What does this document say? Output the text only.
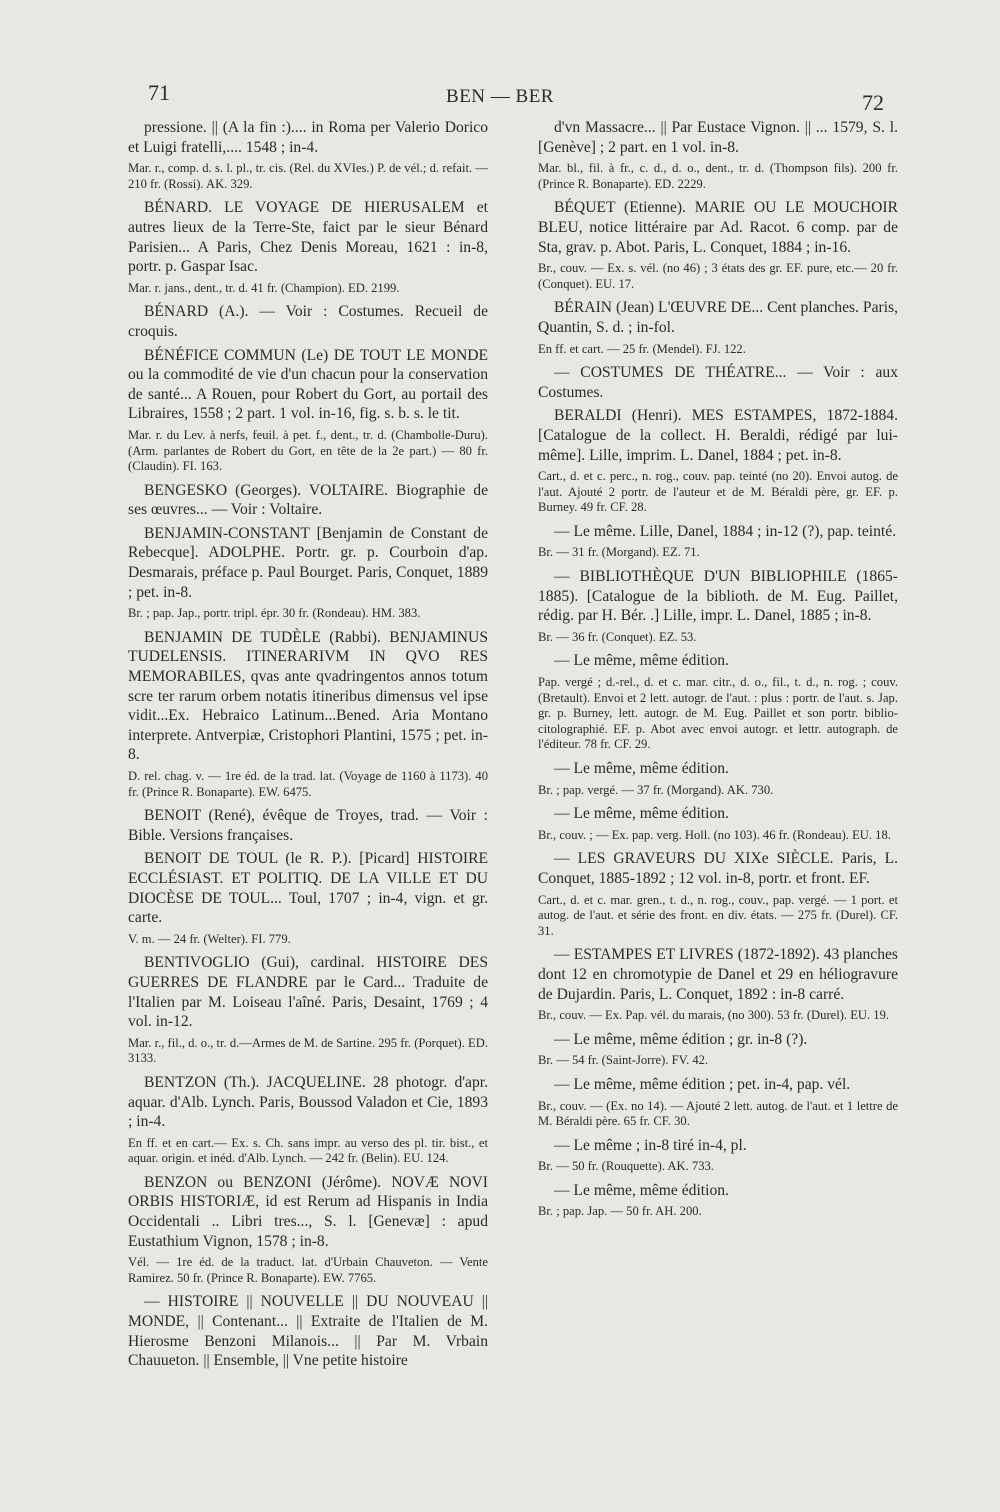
71	BEN — BER	72

pressione. || (A la fin :).... in Roma per Valerio Dorico et Luigi fratelli,.... 1548 ; in-4.

Mar. r., comp. d. s. l. pl., tr. cis. (Rel. du XVIes.) P. de vél.; d. refait. — 210 fr. (Rossi). AK. 329.

BÉNARD. LE VOYAGE DE HIERUSALEM et autres lieux de la Terre-Ste, faict par le sieur Bénard Parisien... A Paris, Chez Denis Moreau, 1621 : in-8, portr. p. Gaspar Isac.

Mar. r. jans., dent., tr. d. 41 fr. (Champion). ED. 2199.

BÉNARD (A.). — Voir : Costumes. Recueil de croquis.

BÉNÉFICE COMMUN (Le) DE TOUT LE MONDE ou la commodité de vie d'un chacun pour la conservation de santé... A Rouen, pour Robert du Gort, au portail des Libraires, 1558 ; 2 part. 1 vol. in-16, fig. s. b. s. le tit.

Mar. r. du Lev. à nerfs, feuil. à pet. f., dent., tr. d. (Chambolle-Duru). (Arm. parlantes de Robert du Gort, en tête de la 2e part.) — 80 fr. (Claudin). FI. 163.

BENGESKO (Georges). VOLTAIRE. Biographie de ses œuvres... — Voir : Voltaire.

BENJAMIN-CONSTANT [Benjamin de Constant de Rebecque]. ADOLPHE. Portr. gr. p. Courboin d'ap. Desmarais, préface p. Paul Bourget. Paris, Conquet, 1889 ; pet. in-8.

Br. ; pap. Jap., portr. tripl. épr. 30 fr. (Rondeau). HM. 383.

BENJAMIN DE TUDÈLE (Rabbi). BENJAMINUS TUDELENSIS. ITINERARIVM IN QVO RES MEMORABILES, qvas ante qvadringentos annos totum scre ter rarum orbem notatis itineribus dimensus vel ipse vidit...Ex. Hebraico Latinum...Bened. Aria Montano interprete. Antverpiæ, Cristophori Plantini, 1575 ; pet. in-8.

D. rel. chag. v. — 1re éd. de la trad. lat. (Voyage de 1160 à 1173). 40 fr. (Prince R. Bonaparte). EW. 6475.

BENOIT (René), évêque de Troyes, trad. — Voir : Bible. Versions françaises.

BENOIT DE TOUL (le R. P.). [Picard] HISTOIRE ECCLÉSIAST. ET POLITIQ. DE LA VILLE ET DU DIOCÈSE DE TOUL... Toul, 1707 ; in-4, vign. et gr. carte.

V. m. — 24 fr. (Welter). FI. 779.

BENTIVOGLIO (Gui), cardinal. HISTOIRE DES GUERRES DE FLANDRE par le Card... Traduite de l'Italien par M. Loiseau l'aîné. Paris, Desaint, 1769 ; 4 vol. in-12.

Mar. r., fil., d. o., tr. d.—Armes de M. de Sartine. 295 fr. (Porquet). ED. 3133.

BENTZON (Th.). JACQUELINE. 28 photogr. d'apr. aquar. d'Alb. Lynch. Paris, Boussod Valadon et Cie, 1893 ; in-4.

En ff. et en cart.— Ex. s. Ch. sans impr. au verso des pl. tir. bist., et aquar. origin. et inéd. d'Alb. Lynch. — 242 fr. (Belin). EU. 124.

BENZON ou BENZONI (Jérôme). NOVÆ NOVI ORBIS HISTORIÆ, id est Rerum ad Hispanis in India Occidentali .. Libri tres..., S. l. [Genevæ] : apud Eustathium Vignon, 1578 ; in-8.

Vél. — 1re éd. de la traduct. lat. d'Urbain Chauveton. — Vente Ramirez. 50 fr. (Prince R. Bonaparte). EW. 7765.

— HISTOIRE || NOUVELLE || DU NOUVEAU || MONDE, || Contenant... || Extraite de l'Italien de M. Hierosme Benzoni Milanois... || Par M. Vrbain Chauueton. || Ensemble, || Vne petite histoire

d'vn Massacre... || Par Eustace Vignon. || ... 1579, S. l. [Genève] ; 2 part. en 1 vol. in-8.

Mar. bl., fil. à fr., c. d., d. o., dent., tr. d. (Thompson fils). 200 fr. (Prince R. Bonaparte). ED. 2229.

BÉQUET (Etienne). MARIE OU LE MOUCHOIR BLEU, notice littéraire par Ad. Racot. 6 comp. par de Sta, grav. p. Abot. Paris, L. Conquet, 1884 ; in-16.

Br., couv. — Ex. s. vél. (no 46) ; 3 états des gr. EF. pure, etc.— 20 fr. (Conquet). EU. 17.

BÉRAIN (Jean) L'ŒUVRE DE... Cent planches. Paris, Quantin, S. d. ; in-fol.

En ff. et cart. — 25 fr. (Mendel). FJ. 122.

— COSTUMES DE THÉATRE... — Voir : aux Costumes.

BERALDI (Henri). MES ESTAMPES, 1872-1884. [Catalogue de la collect. H. Beraldi, rédigé par lui-même]. Lille, imprim. L. Danel, 1884 ; pet. in-8.

Cart., d. et c. perc., n. rog., couv. pap. teinté (no 20). Envoi autog. de l'aut. Ajouté 2 portr. de l'auteur et de M. Béraldi père, gr. EF. p. Burney. 49 fr. CF. 28.

— Le même. Lille, Danel, 1884 ; in-12 (?), pap. teinté.

Br. — 31 fr. (Morgand). EZ. 71.

— BIBLIOTHÈQUE D'UN BIBLIOPHILE (1865-1885). [Catalogue de la biblioth. de M. Eug. Paillet, rédig. par H. Bér. .] Lille, impr. L. Danel, 1885 ; in-8.

Br. — 36 fr. (Conquet). EZ. 53.

— Le même, même édition.

Pap. vergé ; d.-rel., d. et c. mar. citr., d. o., fil., t. d., n. rog. ; couv. (Bretault). Envoi et 2 lett. autogr. de l'aut. : plus : portr. de l'aut. s. Jap. gr. p. Burney, lett. autogr. de M. Eug. Paillet et son portr. biblio-citolographié. EF. p. Abot avec envoi autogr. et lettr. autograph. de l'éditeur. 78 fr. CF. 29.

— Le même, même édition.

Br. ; pap. vergé. — 37 fr. (Morgand). AK. 730.

— Le même, même édition.

Br., couv. ; — Ex. pap. verg. Holl. (no 103). 46 fr. (Rondeau). EU. 18.

— LES GRAVEURS DU XIXe SIÈCLE. Paris, L. Conquet, 1885-1892 ; 12 vol. in-8, portr. et front. EF.

Cart., d. et c. mar. gren., t. d., n. rog., couv., pap. vergé. — 1 port. et autog. de l'aut. et série des front. en div. états. — 275 fr. (Durel). CF. 31.

— ESTAMPES ET LIVRES (1872-1892). 43 planches dont 12 en chromotypie de Danel et 29 en héliogravure de Dujardin. Paris, L. Conquet, 1892 : in-8 carré.

Br., couv. — Ex. Pap. vél. du marais, (no 300). 53 fr. (Durel). EU. 19.

— Le même, même édition ; gr. in-8 (?).

Br. — 54 fr. (Saint-Jorre). FV. 42.

— Le même, même édition ; pet. in-4, pap. vél.

Br., couv. — (Ex. no 14). — Ajouté 2 lett. autog. de l'aut. et 1 lettre de M. Béraldi père. 65 fr. CF. 30.

— Le même ; in-8 tiré in-4, pl.

Br. — 50 fr. (Rouquette). AK. 733.

— Le même, même édition.

Br. ; pap. Jap. — 50 fr. AH. 200.
